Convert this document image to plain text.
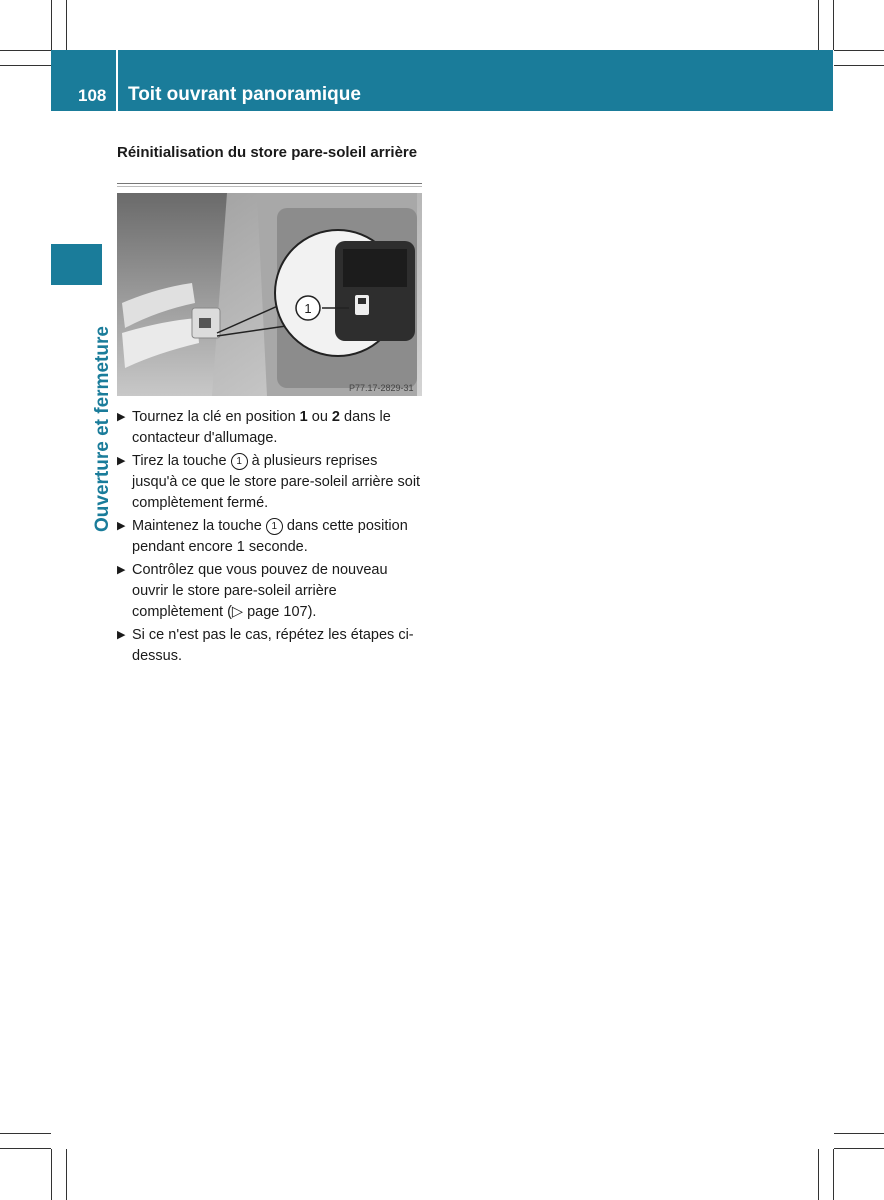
108 Toit ouvrant panoramique
Ouverture et fermeture
Réinitialisation du store pare-soleil arrière
1
P77.17-2829-31
▶ Tournez la clé en position 1 ou 2 dans le contacteur d'allumage.
▶ Tirez la touche 1 à plusieurs reprises jusqu'à ce que le store pare-soleil arrière soit complètement fermé.
▶ Maintenez la touche 1 dans cette position pendant encore 1 seconde.
▶ Contrôlez que vous pouvez de nouveau ouvrir le store pare-soleil arrière complètement (▷ page 107).
▶ Si ce n'est pas le cas, répétez les étapes ci-dessus.
